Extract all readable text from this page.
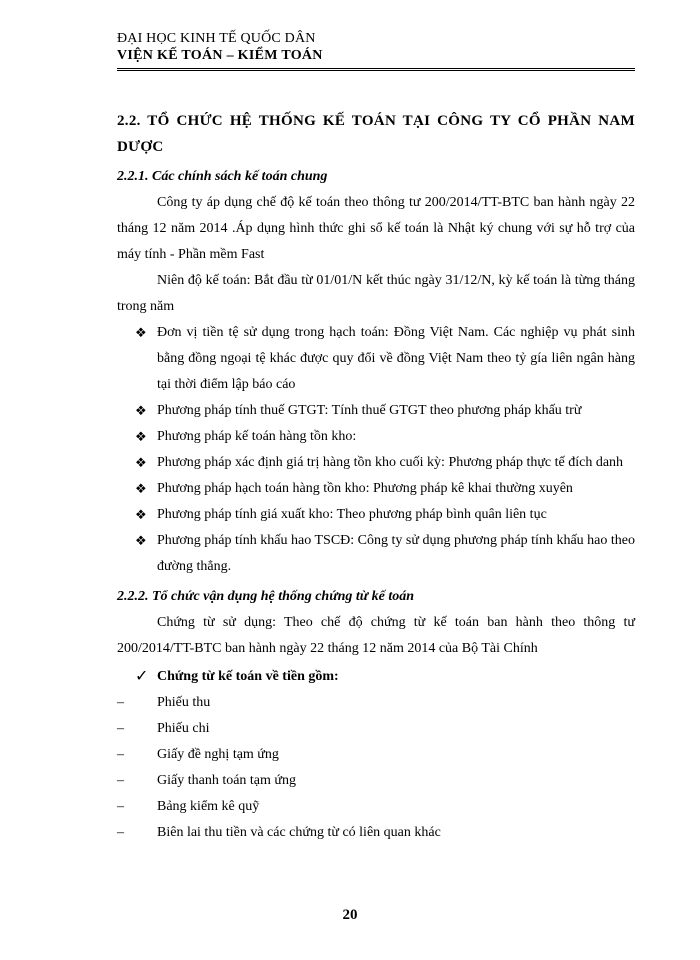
ĐẠI HỌC KINH TẾ QUỐC DÂN
VIỆN KẾ TOÁN – KIỂM TOÁN
2.2. TỔ CHỨC HỆ THỐNG KẾ TOÁN TẠI CÔNG TY CỔ PHẦN NAM DƯỢC
2.2.1. Các chính sách kế toán chung
Công ty áp dụng chế độ kế toán theo thông tư 200/2014/TT-BTC ban hành ngày 22 tháng 12 năm 2014 .Áp dụng hình thức ghi sổ kế toán là Nhật ký chung với sự hỗ trợ của máy tính - Phần mềm Fast
Niên độ kế toán: Bắt đầu từ 01/01/N kết thúc ngày 31/12/N, kỳ kế toán là từng tháng trong năm
❖ Đơn vị tiền tệ sử dụng trong hạch toán: Đồng Việt Nam. Các nghiệp vụ phát sinh bằng đồng ngoại tệ khác được quy đổi về đồng Việt Nam theo tỷ gía liên ngân hàng tại thời điểm lập báo cáo
❖ Phương pháp tính thuế GTGT: Tính thuế GTGT theo phương pháp khấu trừ
❖ Phương pháp kế toán hàng tồn kho:
❖ Phương pháp xác định giá trị hàng tồn kho cuối kỳ: Phương pháp thực tế đích danh
❖ Phương pháp hạch toán hàng tồn kho: Phương pháp kê khai thường xuyên
❖ Phương pháp tính giá xuất kho: Theo phương pháp bình quân liên tục
❖ Phương pháp tính khấu hao TSCĐ: Công ty sử dụng phương pháp tính khấu hao theo đường thẳng.
2.2.2. Tổ chức vận dụng hệ thống chứng từ kế toán
Chứng từ sử dụng: Theo chế độ chứng từ kế toán ban hành theo thông tư 200/2014/TT-BTC ban hành ngày 22 tháng 12 năm 2014 của Bộ Tài Chính
✓ Chứng từ kế toán về tiền gồm:
– Phiếu thu
– Phiếu chi
– Giấy đề nghị tạm ứng
– Giấy thanh toán tạm ứng
– Bảng kiểm kê quỹ
– Biên lai thu tiền và các chứng từ có liên quan khác
20
